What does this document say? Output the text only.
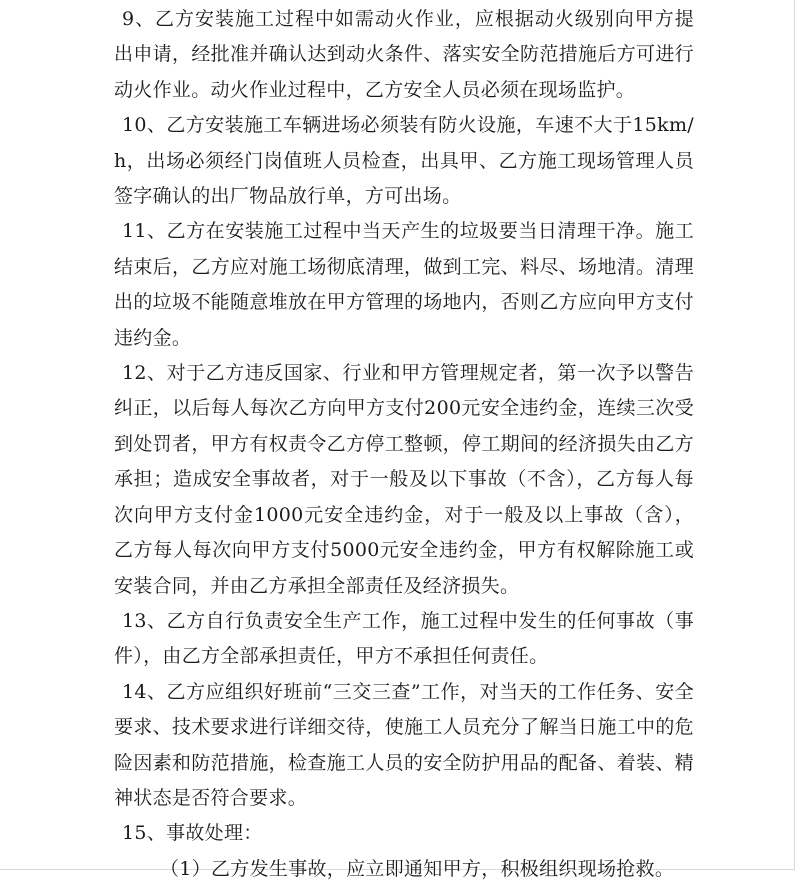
9、乙方安装施工过程中如需动火作业，应根据动火级别向甲方提出申请，经批准并确认达到动火条件、落实安全防范措施后方可进行动火作业。动火作业过程中，乙方安全人员必须在现场监护。

10、乙方安装施工车辆进场必须装有防火设施，车速不大于15km/h，出场必须经门岗值班人员检查，出具甲、乙方施工现场管理人员签字确认的出厂物品放行单，方可出场。

11、乙方在安装施工过程中当天产生的垃圾要当日清理干净。施工结束后，乙方应对施工场彻底清理，做到工完、料尽、场地清。清理出的垃圾不能随意堆放在甲方管理的场地内，否则乙方应向甲方支付违约金。

12、对于乙方违反国家、行业和甲方管理规定者，第一次予以警告纠正，以后每人每次乙方向甲方支付200元安全违约金，连续三次受到处罚者，甲方有权责令乙方停工整顿，停工期间的经济损失由乙方承担；造成安全事故者，对于一般及以下事故（不含），乙方每人每次向甲方支付金1000元安全违约金，对于一般及以上事故（含），乙方每人每次向甲方支付5000元安全违约金，甲方有权解除施工或安装合同，并由乙方承担全部责任及经济损失。

13、乙方自行负责安全生产工作，施工过程中发生的任何事故（事件），由乙方全部承担责任，甲方不承担任何责任。

14、乙方应组织好班前“三交三查”工作，对当天的工作任务、安全要求、技术要求进行详细交待，使施工人员充分了解当日施工中的危险因素和防范措施，检查施工人员的安全防护用品的配备、着装、精神状态是否符合要求。

15、事故处理：

（1）乙方发生事故，应立即通知甲方，积极组织现场抢救。
